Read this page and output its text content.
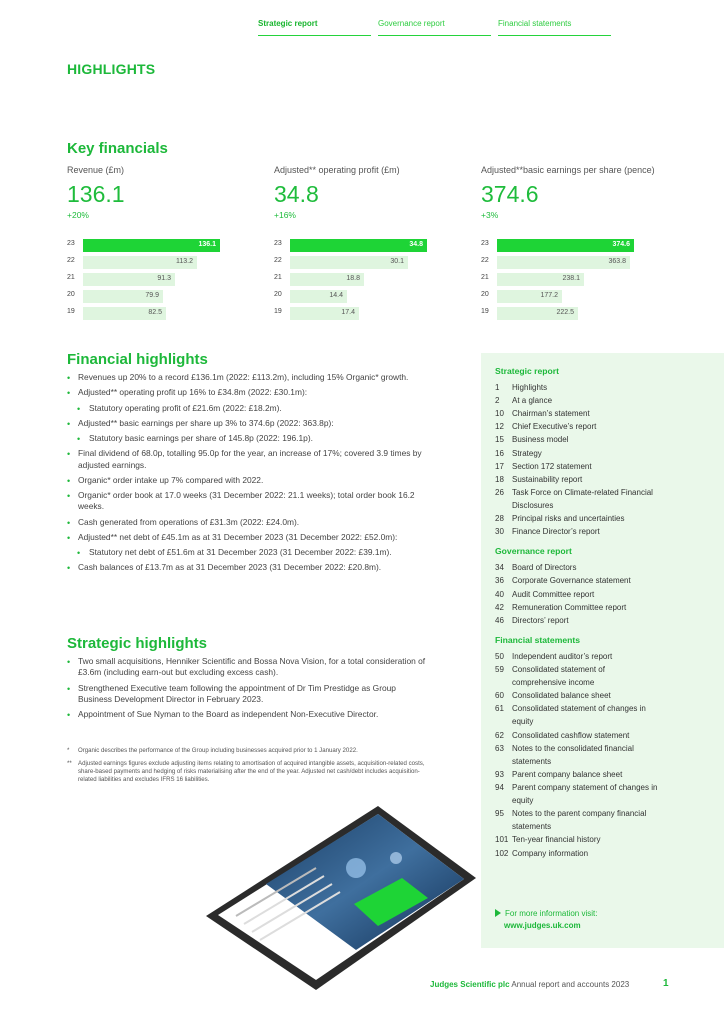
Strategic report	Governance report	Financial statements
HIGHLIGHTS
Key financials
Revenue (£m)
136.1
+20%
23	136.1
22	113.2
21	91.3
20	79.9
19	82.5
Adjusted** operating profit (£m)
34.8
+16%
23	34.8
22	30.1
21	18.8
20	14.4
19	17.4
Adjusted**basic earnings per share (pence)
374.6
+3%
23	374.6
22	363.8
21	238.1
20	177.2
19	222.5
Financial highlights
• Revenues up 20% to a record £136.1m (2022: £113.2m), including 15% Organic* growth.
• Adjusted** operating profit up 16% to £34.8m (2022: £30.1m):
• Statutory operating profit of £21.6m (2022: £18.2m).
• Adjusted** basic earnings per share up 3% to 374.6p (2022: 363.8p):
• Statutory basic earnings per share of 145.8p (2022: 196.1p).
• Final dividend of 68.0p, totalling 95.0p for the year, an increase of 17%; covered 3.9 times by adjusted earnings.
• Organic* order intake up 7% compared with 2022.
• Organic* order book at 17.0 weeks (31 December 2022: 21.1 weeks); total order book 16.2 weeks.
• Cash generated from operations of £31.3m (2022: £24.0m).
• Adjusted** net debt of £45.1m as at 31 December 2023 (31 December 2022: £52.0m):
• Statutory net debt of £51.6m at 31 December 2023 (31 December 2022: £39.1m).
• Cash balances of £13.7m as at 31 December 2023 (31 December 2022: £20.8m).
Strategic highlights
• Two small acquisitions, Henniker Scientific and Bossa Nova Vision, for a total consideration of £3.6m (including earn-out but excluding excess cash).
• Strengthened Executive team following the appointment of Dr Tim Prestidge as Group Business Development Director in February 2023.
• Appointment of Sue Nyman to the Board as independent Non-Executive Director.
* Organic describes the performance of the Group including businesses acquired prior to 1 January 2022.
** Adjusted earnings figures exclude adjusting items relating to amortisation of acquired intangible assets, acquisition-related costs, share-based payments and hedging of risks materialising after the end of the year. Adjusted net cash/debt includes acquisition-related liabilities and excludes IFRS 16 liabilities.
Strategic report
1	Highlights
2	At a glance
10	Chairman’s statement
12	Chief Executive’s report
15	Business model
16	Strategy
17	Section 172 statement
18	Sustainability report
26	Task Force on Climate-related Financial Disclosures
28	Principal risks and uncertainties
30	Finance Director’s report
Governance report
34	Board of Directors
36	Corporate Governance statement
40	Audit Committee report
42	Remuneration Committee report
46	Directors’ report
Financial statements
50	Independent auditor’s report
59	Consolidated statement of comprehensive income
60	Consolidated balance sheet
61	Consolidated statement of changes in equity
62	Consolidated cashflow statement
63	Notes to the consolidated financial statements
93	Parent company balance sheet
94	Parent company statement of changes in equity
95	Notes to the parent company financial statements
101 Ten-year financial history
102 Company information
For more information visit:
www.judges.uk.com
Judges Scientific plc Annual report and accounts 2023	1
